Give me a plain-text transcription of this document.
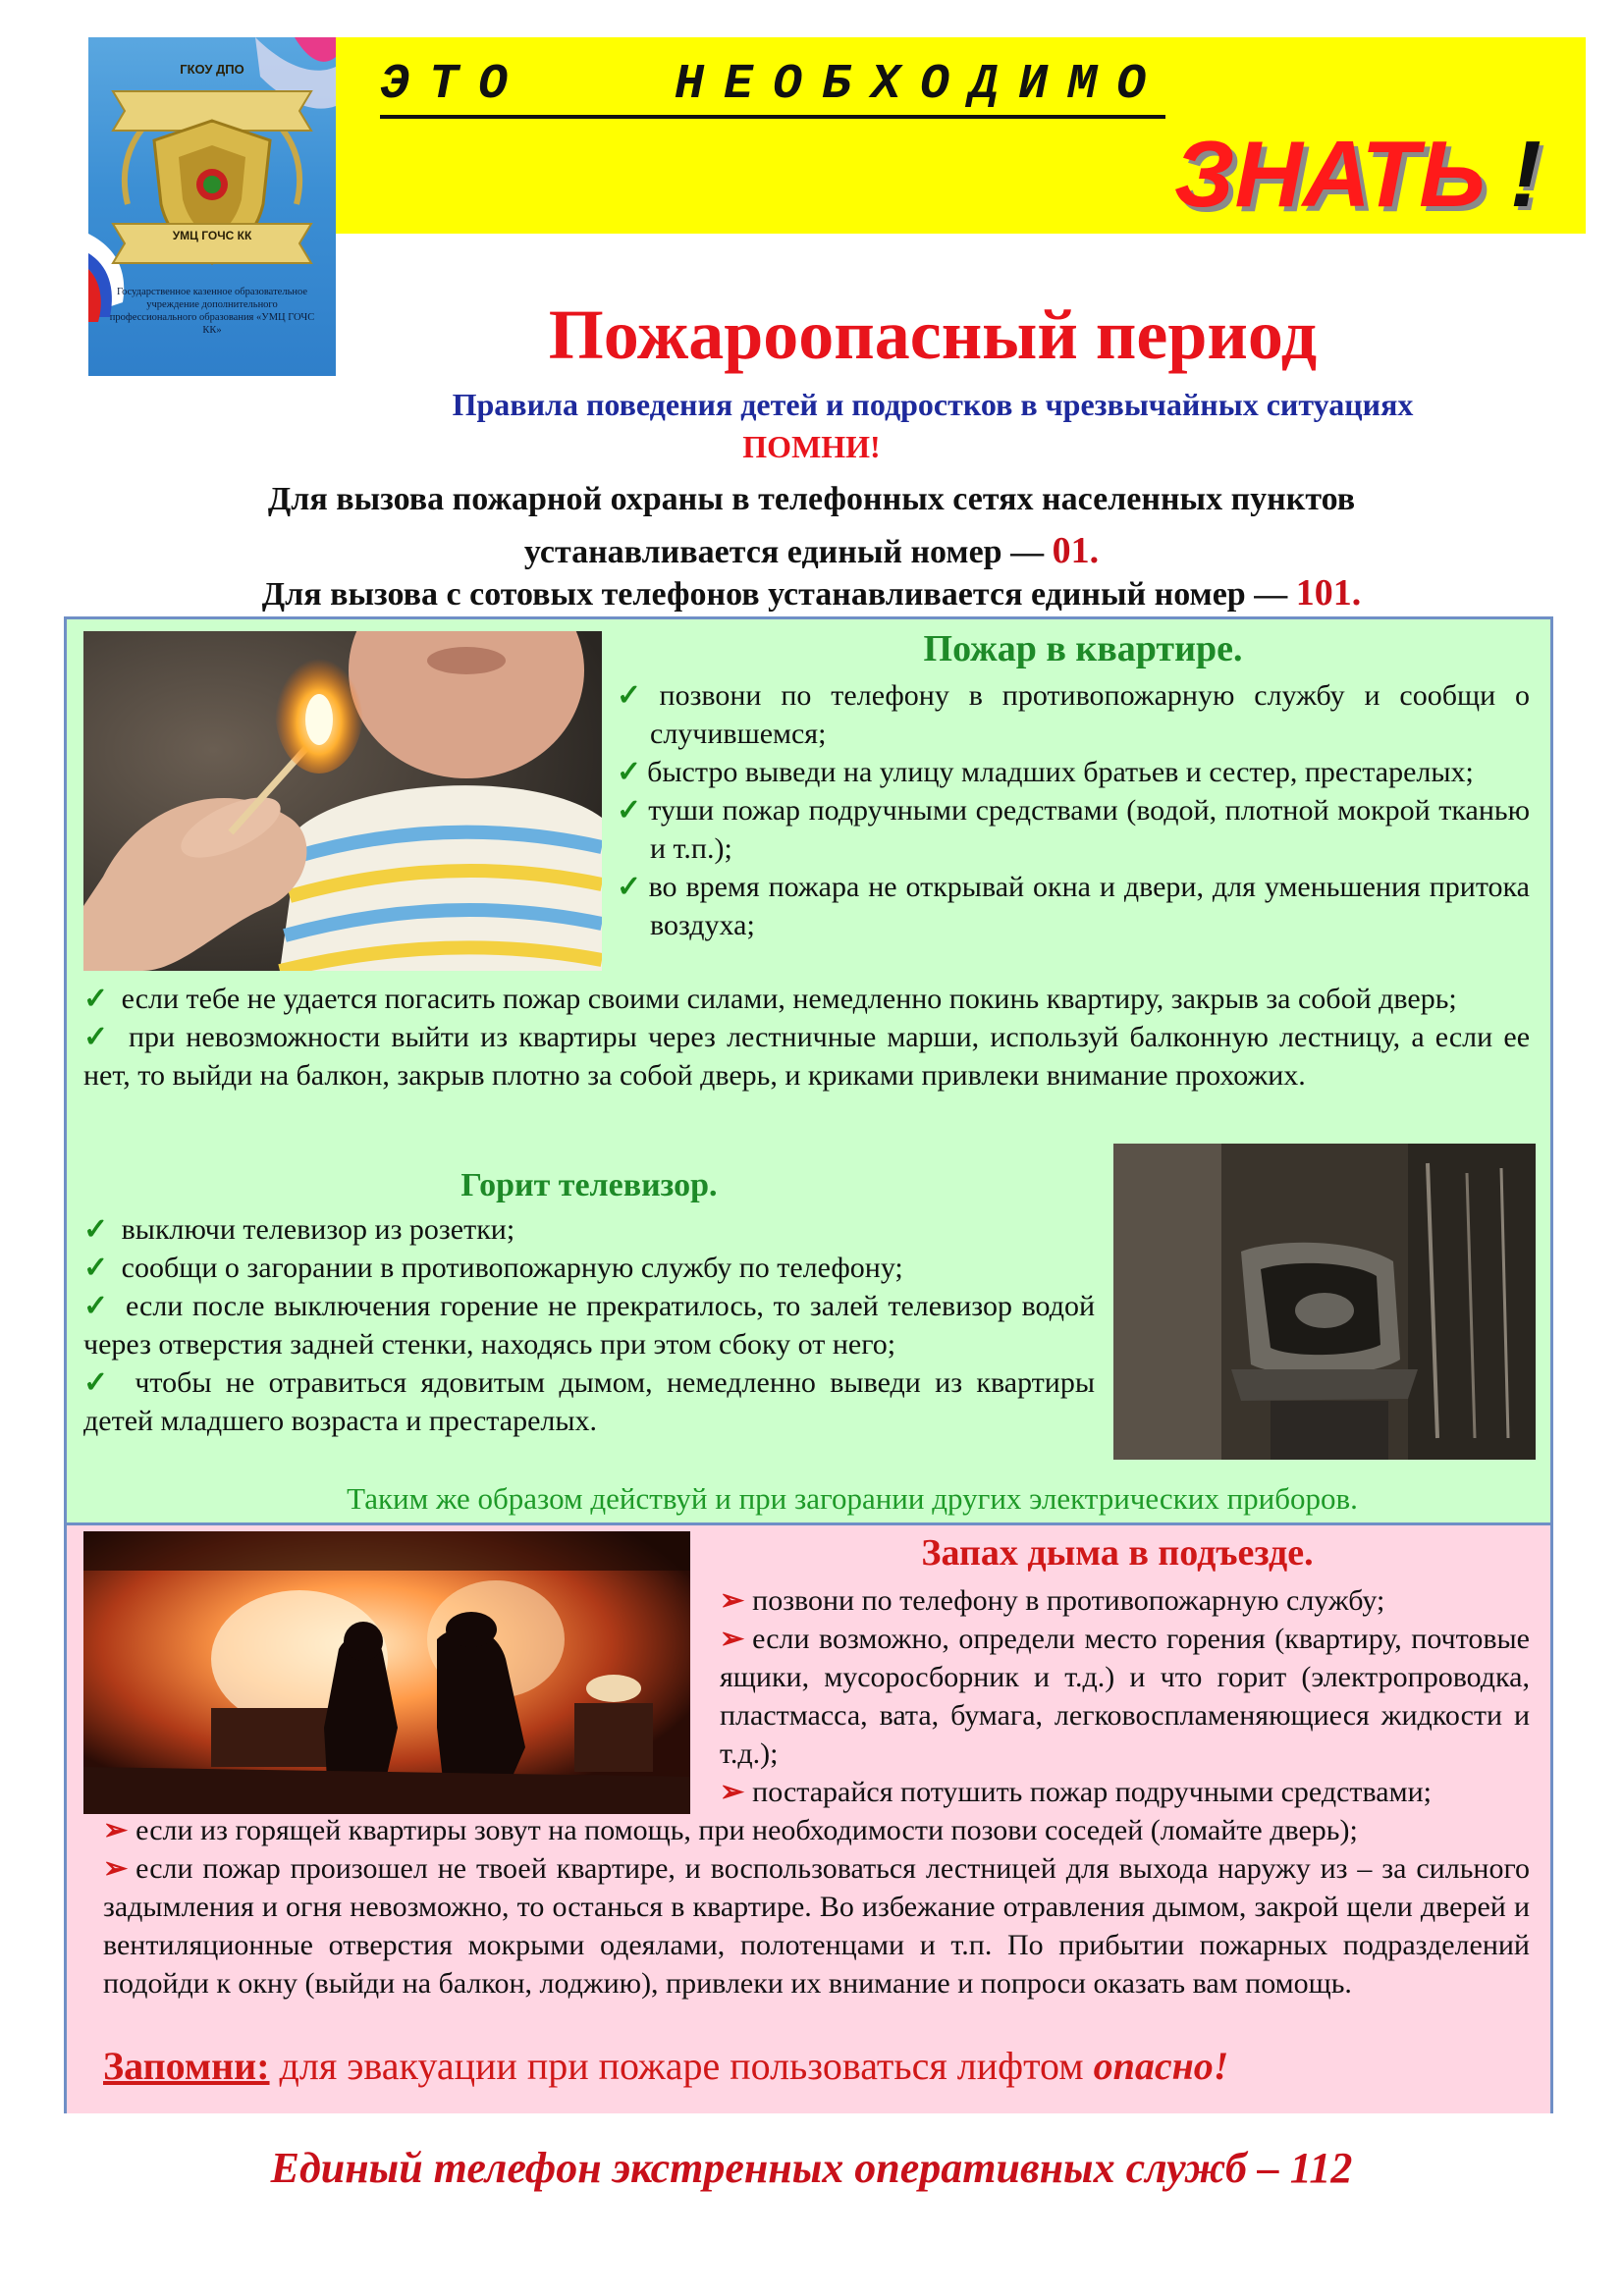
ГКОУ ДПО
УМЦ ГОЧС КК
Государственное казенное образовательное учреждение дополнительного профессионального образования «УМЦ ГОЧС КК»
ЭТО   НЕОБХОДИМО
ЗНАТЬ !
Пожароопасный период
Правила поведения детей и подростков в чрезвычайных ситуациях
ПОМНИ!
Для вызова пожарной охраны в телефонных сетях населенных пунктов
устанавливается единый номер — 01.
Для вызова с сотовых телефонов устанавливается единый номер — 101.
Пожар в квартире.
✓ позвони по телефону в противопожарную службу и сообщи о случившемся;
✓ быстро выведи на улицу младших братьев и сестер, престарелых;
✓ туши пожар подручными средствами (водой, плотной мокрой тканью и т.п.);
✓ во время пожара не открывай окна и двери, для уменьшения притока воздуха;
✓ если тебе не удается погасить пожар своими силами, немедленно покинь квартиру, закрыв за собой дверь;
✓ при невозможности выйти из квартиры через лестничные марши, используй балконную лестницу, а если ее нет, то выйди на балкон, закрыв плотно за собой дверь, и криками привлеки внимание прохожих.
Горит телевизор.
✓ выключи телевизор из розетки;
✓ сообщи о загорании в противопожарную службу по телефону;
✓ если после выключения горение не прекратилось, то залей телевизор водой через отверстия задней стенки, находясь при этом сбоку от него;
✓ чтобы не отравиться ядовитым дымом, немедленно выведи из квартиры детей младшего возраста и престарелых.
Таким же образом действуй и при загорании других электрических приборов.
Запах дыма в подъезде.
➢ позвони по телефону в противопожарную службу;
➢ если возможно, определи место горения (квартиру, почтовые ящики, мусоросборник и т.д.) и что горит (электропроводка, пластмасса, вата, бумага, легковоспламеняющиеся жидкости и т.д.);
➢ постарайся потушить пожар подручными средствами;
➢ если из горящей квартиры зовут на помощь, при необходимости позови соседей (ломайте дверь);
➢ если пожар произошел не твоей квартире, и воспользоваться лестницей для выхода наружу из – за сильного задымления и огня невозможно, то останься в квартире. Во избежание отравления дымом, закрой щели дверей и вентиляционные отверстия мокрыми одеялами, полотенцами и т.п. По прибытии пожарных подразделений подойди к окну (выйди на балкон, лоджию), привлеки их внимание и попроси оказать вам помощь.
Запомни: для эвакуации при пожаре пользоваться лифтом опасно!
Единый телефон экстренных оперативных служб – 112
